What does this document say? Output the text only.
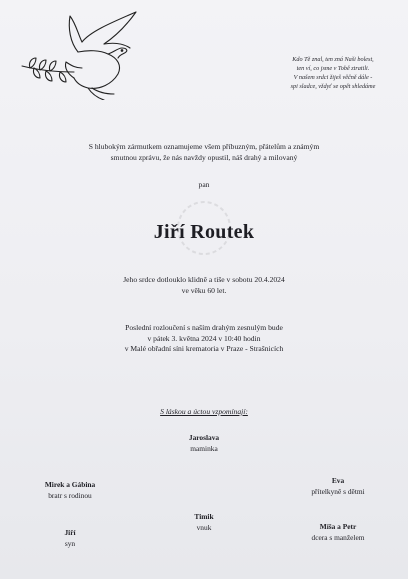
Kdo Tě znal, ten zná Naši bolest,
ten ví, co jsme v Tobě ztratili.
V našem srdci žiješ věčně dále -
spi sladce, vždyť se opět shledáme
S hlubokým zármutkem oznamujeme všem příbuzným, přátelům a známým
smutnou zprávu, že nás navždy opustil, náš drahý a milovaný
pan
Jiří Routek
Jeho srdce dotlouklo klidně a tiše v sobotu 20.4.2024
ve věku 60 let.
Poslední rozloučení s naším drahým zesnulým bude
v pátek 3. května 2024 v 10:40 hodin
v Malé obřadní síni krematoria v Praze - Strašnicích
S láskou a úctou vzpomínají:
Jaroslava
maminka
Mirek a Gábina
bratr s rodinou
Eva
přítelkyně s dětmi
Timik
vnuk
Jiří
syn
Míša a Petr
dcera s manželem
